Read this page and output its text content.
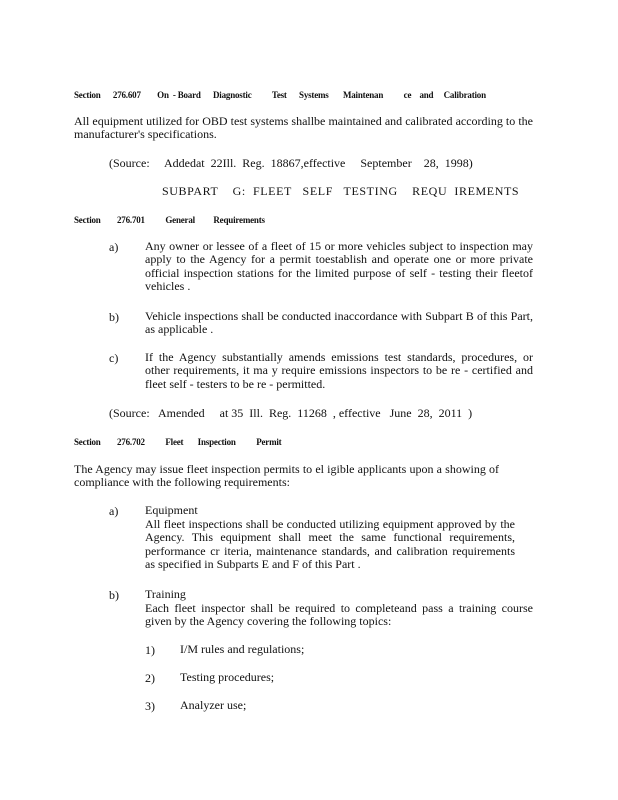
Section      276.607        On  - Board      Diagnostic          Test      Systems       Maintenan          ce    and     Calibration
All equipment utilized for OBD test systems shallbe maintained and calibrated according to the manufacturer's specifications.
(Source:     Addedat  22Ill.  Reg.  18867,effective     September    28,  1998)
SUBPART    G:  FLEET   SELF   TESTING    REQU  IREMENTS
Section        276.701          General         Requirements
a) Any owner or lessee of a fleet of 15 or more vehicles subject to inspection may apply to the Agency for a permit toestablish and operate one or more private official inspection stations for the limited purpose of self - testing their fleetof vehicles .
b) Vehicle inspections shall be conducted inaccordance with Subpart B of this Part, as applicable .
c) If the Agency substantially amends emissions test standards, procedures, or other requirements, it ma y require emissions inspectors to be re - certified and fleet self - testers to be re - permitted.
(Source:   Amended     at 35  Ill.  Reg.  11268  , effective   June  28,  2011  )
Section        276.702          Fleet       Inspection          Permit
The Agency may issue fleet inspection permits to el igible applicants upon a showing of compliance with the following requirements:
a) Equipment
All fleet inspections shall be conducted utilizing equipment approved by the Agency. This equipment shall meet the same functional requirements, performance cr iteria, maintenance standards, and calibration requirements as specified in Subparts E and F of this Part .
b) Training
Each fleet inspector shall be required to completeand pass a training course given by the Agency covering the following topics:
1) I/M rules and regulations;
2) Testing procedures;
3) Analyzer use;
